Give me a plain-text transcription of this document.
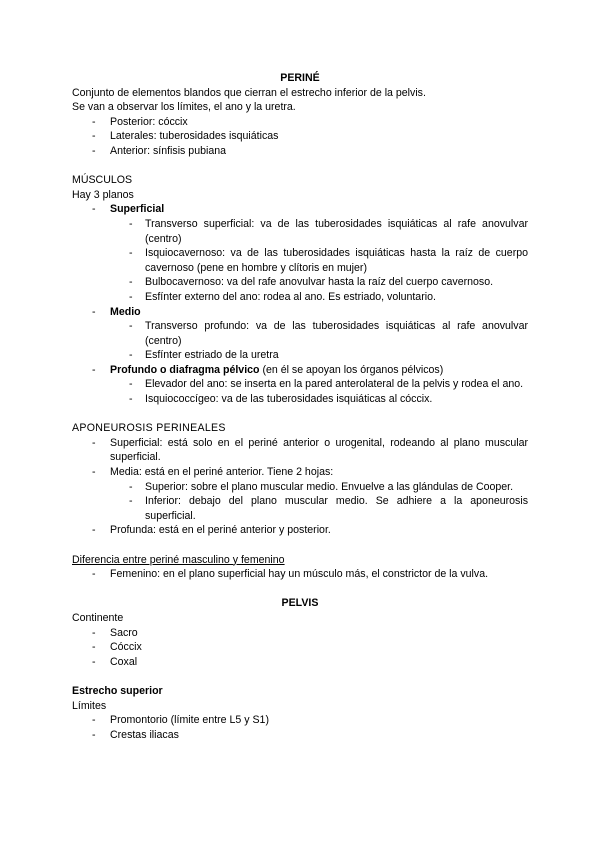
PERINÉ

Conjunto de elementos blandos que cierran el estrecho inferior de la pelvis.

Se van a observar los límites, el ano y la uretra.

-	Posterior: cóccix
-	Laterales: tuberosidades isquiáticas
-	Anterior: sínfisis pubiana

MÚSCULOS

Hay 3 planos

-	Superficial
-	Transverso superficial: va de las tuberosidades isquiáticas al rafe anovulvar (centro)
-	Isquiocavernoso: va de las tuberosidades isquiáticas hasta la raíz de cuerpo cavernoso (pene en hombre y clítoris en mujer)
-	Bulbocavernoso: va del rafe anovulvar hasta la raíz del cuerpo cavernoso.
-	Esfínter externo del ano: rodea al ano. Es estriado, voluntario.
-	Medio
-	Transverso profundo: va de las tuberosidades isquiáticas al rafe anovulvar (centro)
-	Esfínter estriado de la uretra
-	Profundo o diafragma pélvico (en él se apoyan los órganos pélvicos)
-	Elevador del ano: se inserta en la pared anterolateral de la pelvis y rodea el ano.
-	Isquiococcígeo: va de las tuberosidades isquiáticas al cóccix.

APONEUROSIS PERINEALES

-	Superficial: está solo en el periné anterior o urogenital, rodeando al plano muscular superficial.
-	Media: está en el periné anterior. Tiene 2 hojas:
-	Superior: sobre el plano muscular medio. Envuelve a las glándulas de Cooper.
-	Inferior: debajo del plano muscular medio. Se adhiere a la aponeurosis superficial.
-	Profunda: está en el periné anterior y posterior.

Diferencia entre periné masculino y femenino

-	Femenino: en el plano superficial hay un músculo más, el constrictor de la vulva.

PELVIS

Continente

-	Sacro
-	Cóccix
-	Coxal

Estrecho superior

Límites

-	Promontorio (límite entre L5 y S1)
-	Crestas iliacas
